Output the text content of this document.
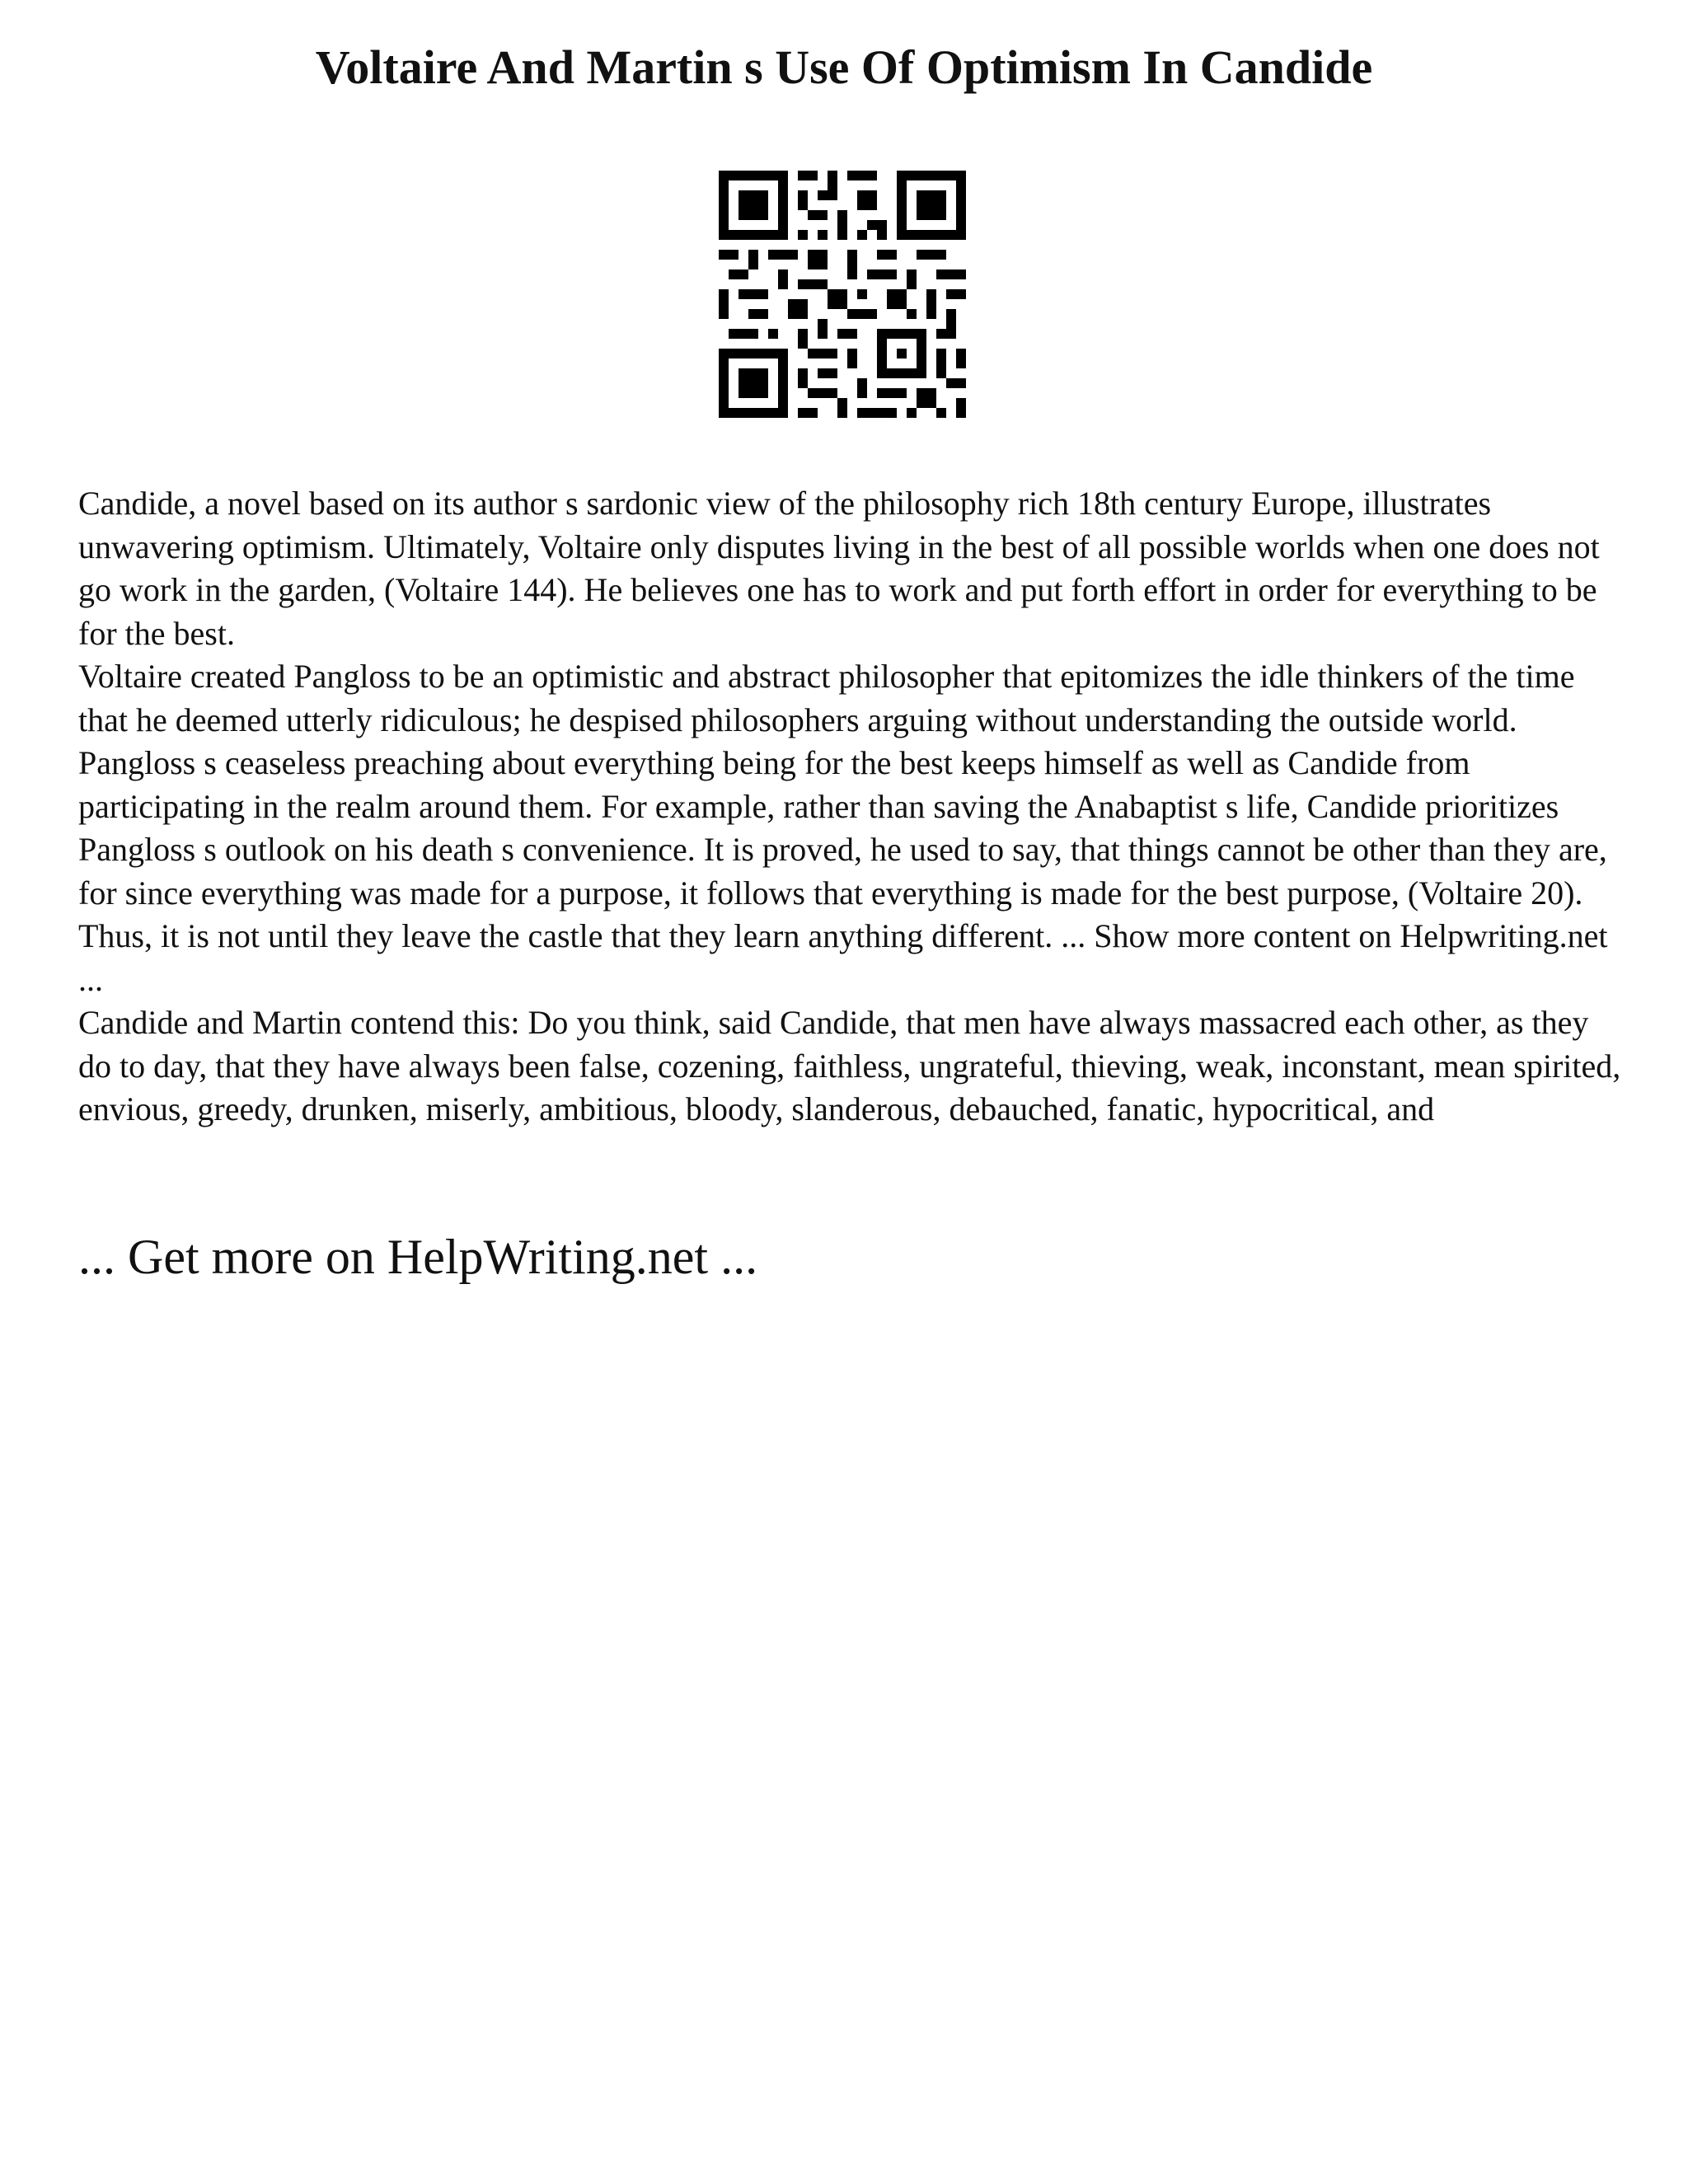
Voltaire And Martin s Use Of Optimism In Candide

Candide, a novel based on its author s sardonic view of the philosophy rich 18th century Europe, illustrates unwavering optimism. Ultimately, Voltaire only disputes living in the best of all possible worlds when one does not go work in the garden, (Voltaire 144). He believes one has to work and put forth effort in order for everything to be for the best.

Voltaire created Pangloss to be an optimistic and abstract philosopher that epitomizes the idle thinkers of the time that he deemed utterly ridiculous; he despised philosophers arguing without understanding the outside world. Pangloss s ceaseless preaching about everything being for the best keeps himself as well as Candide from participating in the realm around them. For example, rather than saving the Anabaptist s life, Candide prioritizes Pangloss s outlook on his death s convenience. It is proved, he used to say, that things cannot be other than they are, for since everything was made for a purpose, it follows that everything is made for the best purpose, (Voltaire 20). Thus, it is not until they leave the castle that they learn anything different. ... Show more content on Helpwriting.net ...

Candide and Martin contend this: Do you think, said Candide, that men have always massacred each other, as they do to day, that they have always been false, cozening, faithless, ungrateful, thieving, weak, inconstant, mean spirited, envious, greedy, drunken, miserly, ambitious, bloody, slanderous, debauched, fanatic, hypocritical, and

... Get more on HelpWriting.net ...
